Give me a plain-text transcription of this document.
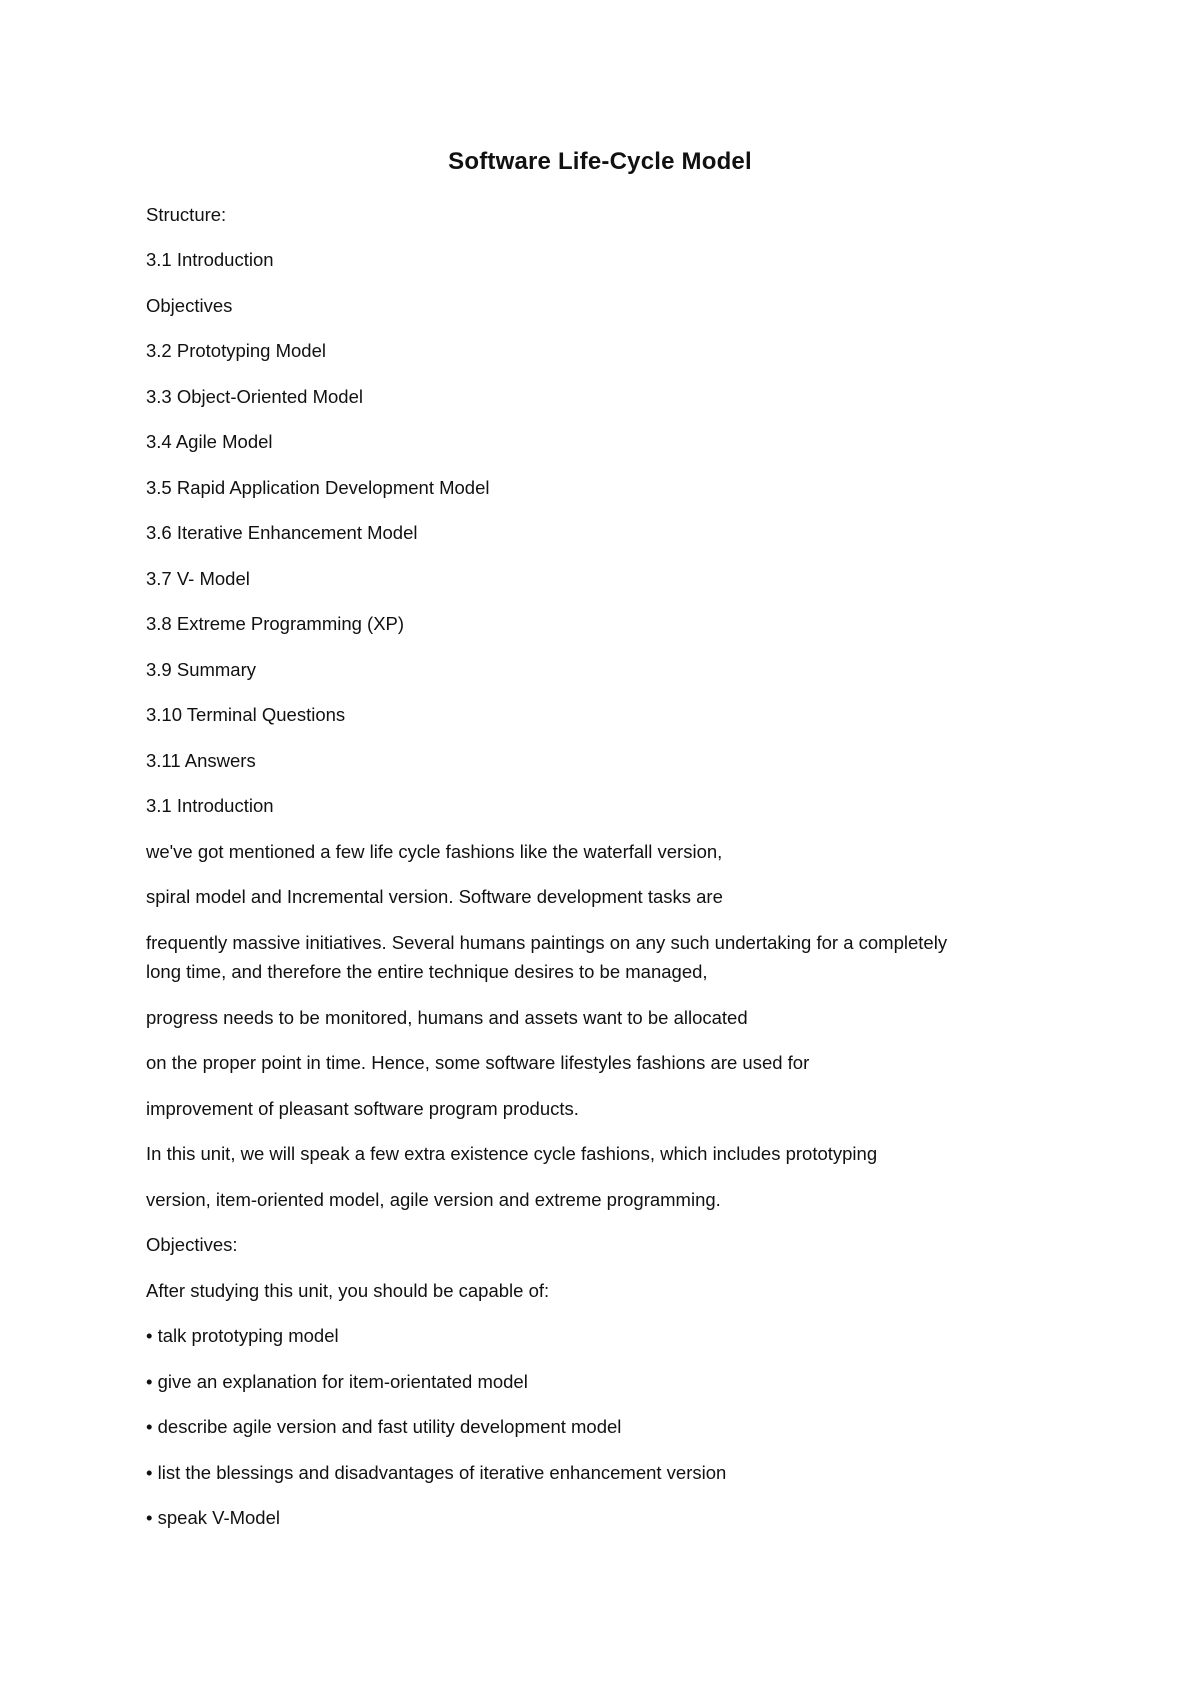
Software Life-Cycle Model
Structure:
3.1 Introduction
Objectives
3.2 Prototyping Model
3.3 Object-Oriented Model
3.4 Agile Model
3.5 Rapid Application Development Model
3.6 Iterative Enhancement Model
3.7 V- Model
3.8 Extreme Programming (XP)
3.9 Summary
3.10 Terminal Questions
3.11 Answers
3.1 Introduction
we've got mentioned a few life cycle fashions like the waterfall version,
spiral model and Incremental version. Software development tasks are
frequently massive initiatives. Several humans paintings on any such undertaking for a completely
long time, and therefore the entire technique desires to be managed,
progress needs to be monitored, humans and assets want to be allocated
on the proper point in time. Hence, some software lifestyles fashions are used for
improvement of pleasant software program products.
In this unit, we will speak a few extra existence cycle fashions, which includes prototyping
version, item-oriented model, agile version and extreme programming.
Objectives:
After studying this unit, you should be capable of:
• talk prototyping model
• give an explanation for item-orientated model
• describe agile version and fast utility development model
• list the blessings and disadvantages of iterative enhancement version
• speak V-Model
